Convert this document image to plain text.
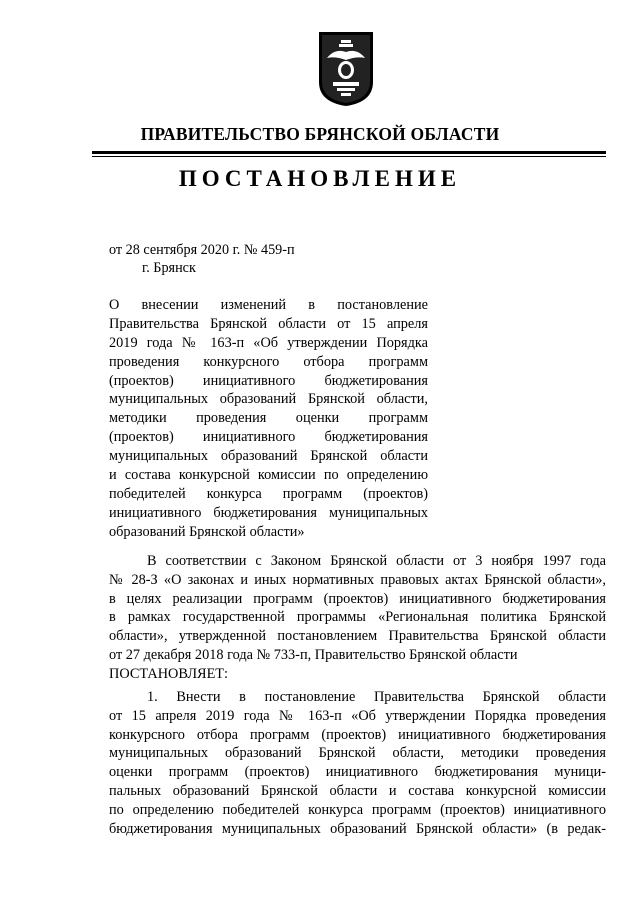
ПРАВИТЕЛЬСТВО БРЯНСКОЙ ОБЛАСТИ
ПОСТАНОВЛЕНИЕ
от 28 сентября 2020 г. № 459-п
г. Брянск
О внесении изменений в постановление
Правительства Брянской области от 15 апреля
2019 года № 163-п «Об утверждении Порядка
проведения конкурсного отбора программ
(проектов) инициативного бюджетирования
муниципальных образований Брянской области,
методики проведения оценки программ
(проектов) инициативного бюджетирования
муниципальных образований Брянской области
и состава конкурсной комиссии по определению
победителей конкурса программ (проектов)
инициативного бюджетирования муниципальных
образований Брянской области»
В соответствии с Законом Брянской области от 3 ноября 1997 года
№ 28-З «О законах и иных нормативных правовых актах Брянской области»,
в целях реализации программ (проектов) инициативного бюджетирования
в рамках государственной программы «Региональная политика Брянской
области», утвержденной постановлением Правительства Брянской области
от 27 декабря 2018 года № 733-п, Правительство Брянской области
ПОСТАНОВЛЯЕТ:
1. Внести в постановление Правительства Брянской области
от 15 апреля 2019 года № 163-п «Об утверждении Порядка проведения
конкурсного отбора программ (проектов) инициативного бюджетирования
муниципальных образований Брянской области, методики проведения
оценки программ (проектов) инициативного бюджетирования муници-
пальных образований Брянской области и состава конкурсной комиссии
по определению победителей конкурса программ (проектов) инициативного
бюджетирования муниципальных образований Брянской области» (в редак-
